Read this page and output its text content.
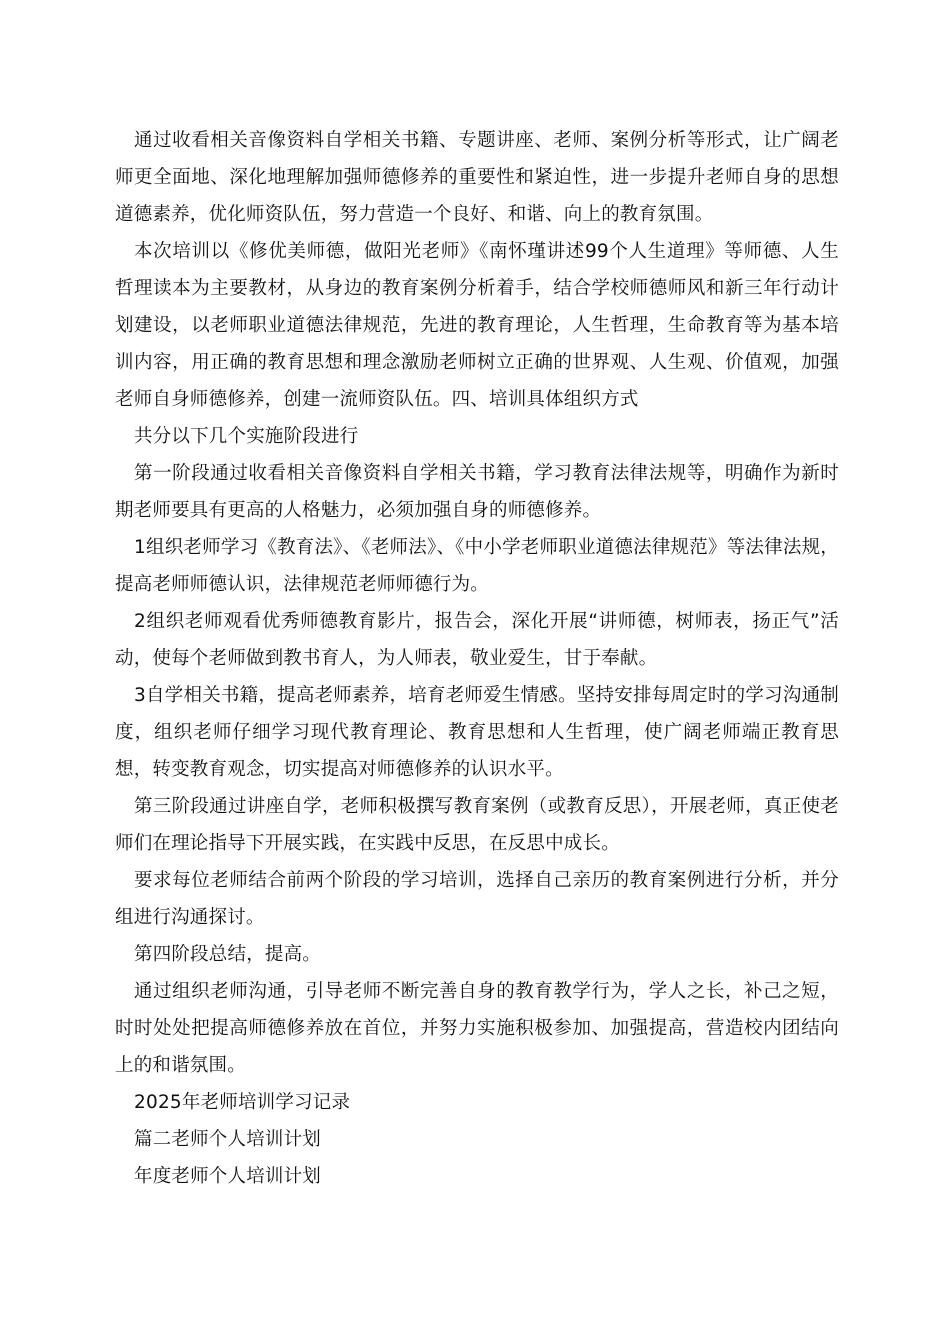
通过收看相关音像资料自学相关书籍、专题讲座、老师、案例分析等形式，让广阔老师更全面地、深化地理解加强师德修养的重要性和紧迫性，进一步提升老师自身的思想道德素养，优化师资队伍，努力营造一个良好、和谐、向上的教育氛围。

本次培训以《修优美师德，做阳光老师》《南怀瑾讲述99个人生道理》等师德、人生哲理读本为主要教材，从身边的教育案例分析着手，结合学校师德师风和新三年行动计划建设，以老师职业道德法律规范，先进的教育理论，人生哲理，生命教育等为基本培训内容，用正确的教育思想和理念激励老师树立正确的世界观、人生观、价值观，加强老师自身师德修养，创建一流师资队伍。四、培训具体组织方式

共分以下几个实施阶段进行

第一阶段通过收看相关音像资料自学相关书籍，学习教育法律法规等，明确作为新时期老师要具有更高的人格魅力，必须加强自身的师德修养。

1组织老师学习《教育法》、《老师法》、《中小学老师职业道德法律规范》等法律法规，提高老师师德认识，法律规范老师师德行为。

2组织老师观看优秀师德教育影片，报告会，深化开展“讲师德，树师表，扬正气”活动，使每个老师做到教书育人，为人师表，敬业爱生，甘于奉献。

3自学相关书籍，提高老师素养，培育老师爱生情感。坚持安排每周定时的学习沟通制度，组织老师仔细学习现代教育理论、教育思想和人生哲理，使广阔老师端正教育思想，转变教育观念，切实提高对师德修养的认识水平。

第三阶段通过讲座自学，老师积极撰写教育案例（或教育反思），开展老师，真正使老师们在理论指导下开展实践，在实践中反思，在反思中成长。

要求每位老师结合前两个阶段的学习培训，选择自己亲历的教育案例进行分析，并分组进行沟通探讨。

第四阶段总结，提高。

通过组织老师沟通，引导老师不断完善自身的教育教学行为，学人之长，补己之短，时时处处把提高师德修养放在首位，并努力实施积极参加、加强提高，营造校内团结向上的和谐氛围。

2025年老师培训学习记录

篇二老师个人培训计划

年度老师个人培训计划
